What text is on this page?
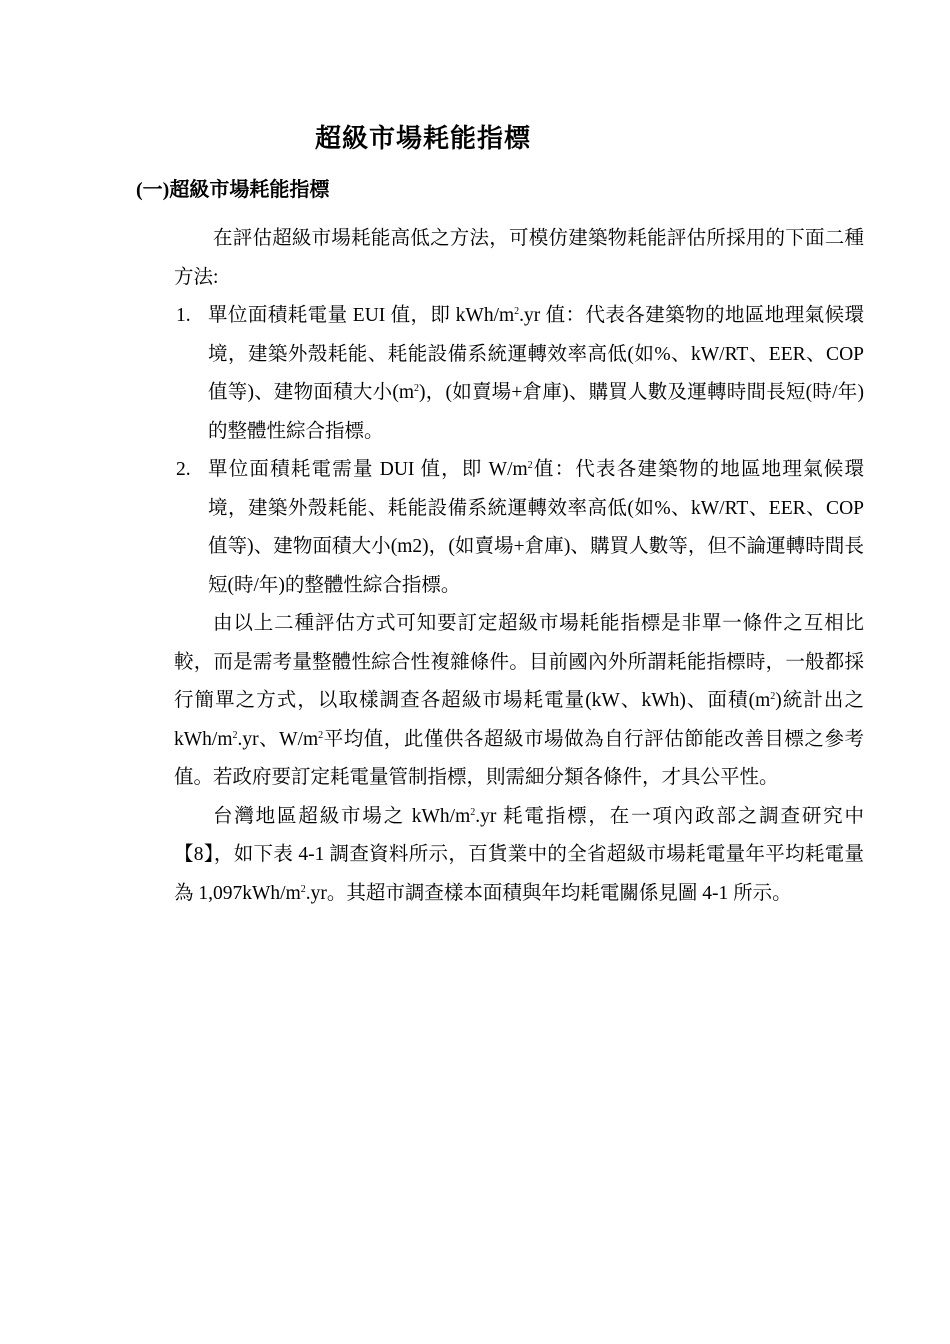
超級市場耗能指標
(一)超級市場耗能指標

在評估超級市場耗能高低之方法，可模仿建築物耗能評估所採用的下面二種方法:

1. 單位面積耗電量 EUI 值，即 kWh/$m^2.yr$ 值：代表各建築物的地區地理氣候環境，建築外殼耗能、耗能設備系統運轉效率高低(如%、kW/RT、EER、COP 值等)、建物面積大小$(m^2)$，(如賣場+倉庫)、購買人數及運轉時間長短(時/年)的整體性綜合指標。
2. 單位面積耗電需量 DUI 值，即 $W/m^2$值：代表各建築物的地區地理氣候環境，建築外殼耗能、耗能設備系統運轉效率高低(如%、kW/RT、EER、COP 值等)、建物面積大小(m2)，(如賣場+倉庫)、購買人數等，但不論運轉時間長短(時/年)的整體性綜合指標。

由以上二種評估方式可知要訂定超級市場耗能指標是非單一條件之互相比較，而是需考量整體性綜合性複雜條件。目前國內外所謂耗能指標時，一般都採行簡單之方式，以取樣調查各超級市場耗電量(kW、kWh)、面積$(m^2)$統計出之 kWh/$m^2.yr$、$W/m^2$平均值，此僅供各超級市場做為自行評估節能改善目標之參考值。若政府要訂定耗電量管制指標，則需細分類各條件，才具公平性。

台灣地區超級市場之 kWh/$m^2.yr$ 耗電指標，在一項內政部之調查研究中【8】，如下表 4-1 調查資料所示，百貨業中的全省超級市場耗電量年平均耗電量為 $1,097kWh/m^2.yr$。其超市調查樣本面積與年均耗電關係見圖 4-1 所示。
